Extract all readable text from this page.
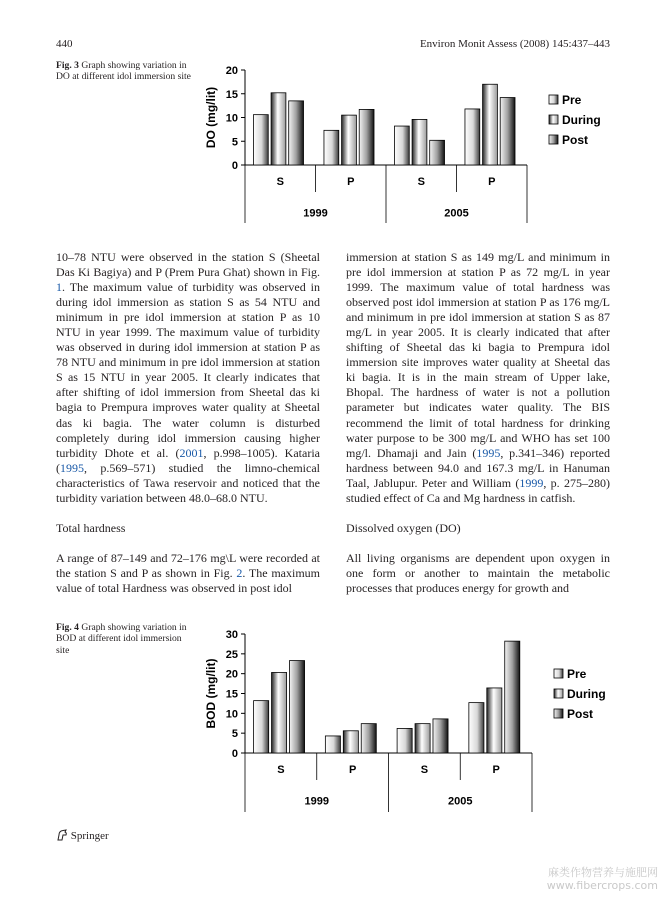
440	Environ Monit Assess (2008) 145:437–443
Fig. 3 Graph showing variation in DO at different idol immersion site
DO (mg/lit)
0
5
10
15
20
S	P	S	P
1999	2005
Pre
During
Post

10–78 NTU were observed in the station S (Sheetal Das Ki Bagiya) and P (Prem Pura Ghat) shown in Fig. 1. The maximum value of turbidity was observed in during idol immersion as station S as 54 NTU and minimum in pre idol immersion at station P as 10 NTU in year 1999. The maximum value of turbidity was observed in during idol immersion at station P as 78 NTU and minimum in pre idol immersion at station S as 15 NTU in year 2005. It clearly indicates that after shifting of idol immersion from Sheetal das ki bagia to Prempura improves water quality at Sheetal das ki bagia. The water column is disturbed completely during idol immersion causing higher turbidity Dhote et al. (2001, p.998–1005). Kataria (1995, p.569–571) studied the limno-chemical characteristics of Tawa reservoir and noticed that the turbidity variation between 48.0–68.0 NTU.

Total hardness

A range of 87–149 and 72–176 mg\L were recorded at the station S and P as shown in Fig. 2. The maximum value of total Hardness was observed in post idol

immersion at station S as 149 mg/L and minimum in pre idol immersion at station P as 72 mg/L in year 1999. The maximum value of total hardness was observed post idol immersion at station P as 176 mg/L and minimum in pre idol immersion at station S as 87 mg/L in year 2005. It is clearly indicated that after shifting of Sheetal das ki bagia to Prempura idol immersion site improves water quality at Sheetal das ki bagia. It is in the main stream of Upper lake, Bhopal. The hardness of water is not a pollution parameter but indicates water quality. The BIS recommend the limit of total hardness for drinking water purpose to be 300 mg/L and WHO has set 100 mg/l. Dhamaji and Jain (1995, p.341–346) reported hardness between 94.0 and 167.3 mg/L in Hanuman Taal, Jablupur. Peter and William (1999, p. 275–280) studied effect of Ca and Mg hardness in catfish.

Dissolved oxygen (DO)

All living organisms are dependent upon oxygen in one form or another to maintain the metabolic processes that produces energy for growth and

Fig. 4 Graph showing variation in BOD at different idol immersion site
BOD (mg/lit)
0
5
10
15
20
25
30
S	P	S	P
1999	2005
Pre
During
Post
Springer
麻类作物营养与施肥网
www.fibercrops.com
